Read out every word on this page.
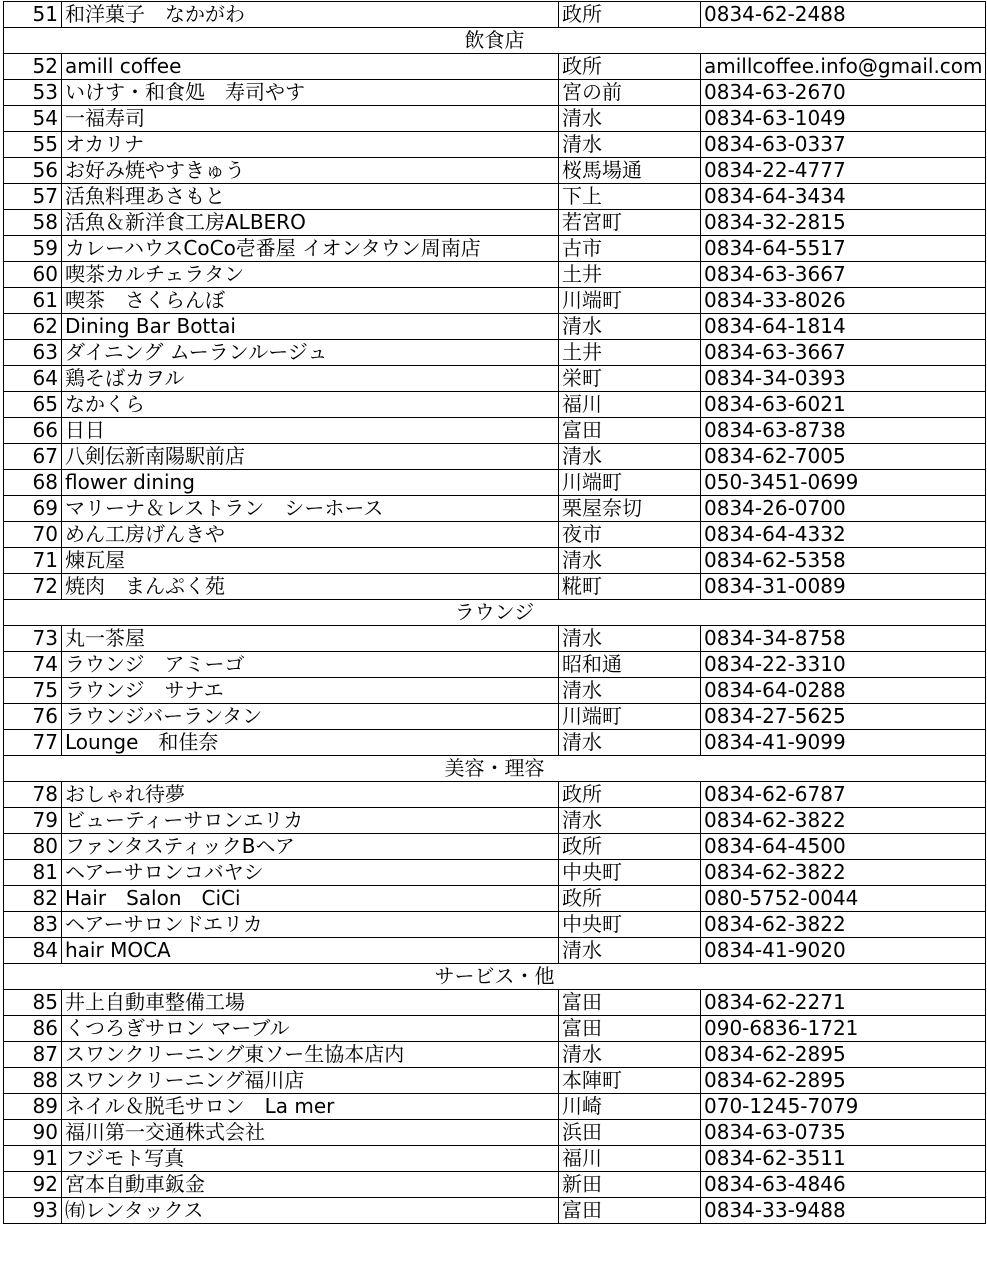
51	和洋菓子　なかがわ	政所	0834-62-2488
飲食店			
52	amill coffee	政所	amillcoffee.info@gmail.com
53	いけす・和食処　寿司やす	宮の前	0834-63-2670
54	一福寿司	清水	0834-63-1049
55	オカリナ	清水	0834-63-0337
56	お好み焼やすきゅう	桜馬場通	0834-22-4777
57	活魚料理あさもと	下上	0834-64-3434
58	活魚＆新洋食工房ALBERO	若宮町	0834-32-2815
59	カレーハウスCoCo壱番屋 イオンタウン周南店	古市	0834-64-5517
60	喫茶カルチェラタン	土井	0834-63-3667
61	喫茶　さくらんぼ	川端町	0834-33-8026
62	Dining Bar Bottai	清水	0834-64-1814
63	ダイニング ムーランルージュ	土井	0834-63-3667
64	鶏そばカヲル	栄町	0834-34-0393
65	なかくら	福川	0834-63-6021
66	日日	富田	0834-63-8738
67	八剣伝新南陽駅前店	清水	0834-62-7005
68	flower dining	川端町	050-3451-0699
69	マリーナ＆レストラン　シーホース	栗屋奈切	0834-26-0700
70	めん工房げんきや	夜市	0834-64-4332
71	煉瓦屋	清水	0834-62-5358
72	焼肉　まんぷく苑	糀町	0834-31-0089
ラウンジ			
73	丸一茶屋	清水	0834-34-8758
74	ラウンジ　アミーゴ	昭和通	0834-22-3310
75	ラウンジ　サナエ	清水	0834-64-0288
76	ラウンジバーランタン	川端町	0834-27-5625
77	Lounge　和佳奈	清水	0834-41-9099
美容・理容			
78	おしゃれ待夢	政所	0834-62-6787
79	ビューティーサロンエリカ	清水	0834-62-3822
80	ファンタスティックBヘア	政所	0834-64-4500
81	ヘアーサロンコバヤシ	中央町	0834-62-3822
82	Hair　Salon　CiCi	政所	080-5752-0044
83	ヘアーサロンドエリカ	中央町	0834-62-3822
84	hair MOCA	清水	0834-41-9020
サービス・他			
85	井上自動車整備工場	富田	0834-62-2271
86	くつろぎサロン マーブル	富田	090-6836-1721
87	スワンクリーニング東ソー生協本店内	清水	0834-62-2895
88	スワンクリーニング福川店	本陣町	0834-62-2895
89	ネイル＆脱毛サロン　La mer	川崎	070-1245-7079
90	福川第一交通株式会社	浜田	0834-63-0735
91	フジモト写真	福川	0834-62-3511
92	宮本自動車鈑金	新田	0834-63-4846
93	㈲レンタックス	富田	0834-33-9488
